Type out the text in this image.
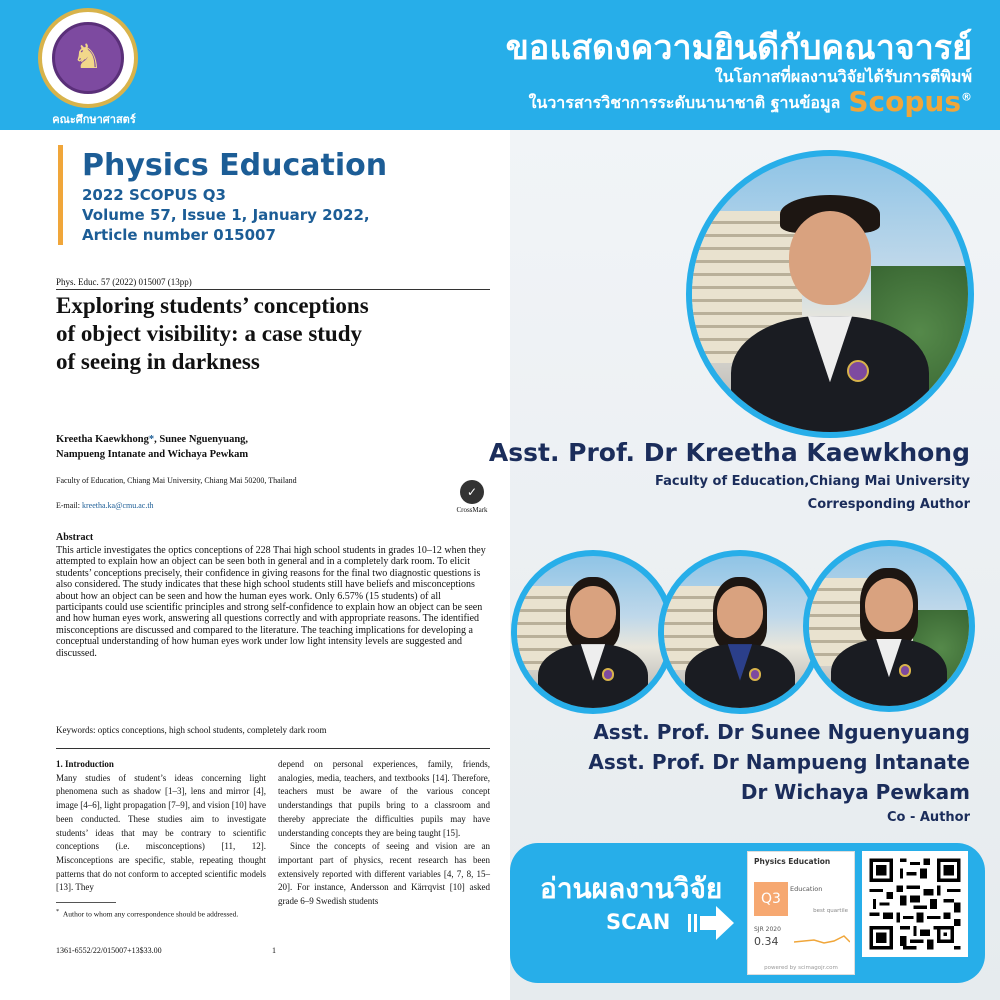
♞
คณะศึกษาศาสตร์
ขอแสดงความยินดีกับคณาจารย์
ในโอกาสที่ผลงานวิจัยได้รับการตีพิมพ์
ในวารสารวิชาการระดับนานาชาติ ฐานข้อมูล Scopus®
Physics Education
2022 SCOPUS Q3
Volume 57, Issue 1, January 2022,
Article number 015007
Phys. Educ. 57 (2022) 015007 (13pp)
Exploring students’ conceptions of object visibility: a case study of seeing in darkness
Kreetha Kaewkhong*, Sunee Nguenyuang,
Nampueng Intanate and Wichaya Pewkam
Faculty of Education, Chiang Mai University, Chiang Mai 50200, Thailand
E-mail: kreetha.ka@cmu.ac.th
✓
CrossMark
Abstract
This article investigates the optics conceptions of 228 Thai high school students in grades 10–12 when they attempted to explain how an object can be seen both in general and in a completely dark room. To elicit students’ conceptions precisely, their confidence in giving reasons for the final two diagnostic questions is also considered. The study indicates that these high school students still have beliefs and misconceptions about how an object can be seen and how the human eyes work. Only 6.57% (15 students) of all participants could use scientific principles and strong self-confidence to explain how an object can be seen and how human eyes work, answering all questions correctly and with appropriate reasons. The identified misconceptions are discussed and compared to the literature. The teaching implications for developing a conceptual understanding of how human eyes work under low light intensity levels are suggested and discussed.
Keywords: optics conceptions, high school students, completely dark room
1. Introduction
Many studies of student’s ideas concerning light phenomena such as shadow [1–3], lens and mirror [4], image [4–6], light propagation [7–9], and vision [10] have been conducted. These studies aim to investigate students’ ideas that may be contrary to scientific conceptions (i.e. misconceptions) [11, 12]. Misconceptions are specific, stable, repeating thought patterns that do not conform to accepted scientific models [13]. They
depend on personal experiences, family, friends, analogies, media, teachers, and textbooks [14]. Therefore, teachers must be aware of the various concept understandings that pupils bring to a classroom and thereby appreciate the difficulties pupils may have understanding concepts they are being taught [15].
Since the concepts of seeing and vision are an important part of physics, recent research has been extensively reported with different variables [4, 7, 8, 15–20]. For instance, Andersson and Kärrqvist [10] asked grade 6–9 Swedish students
* Author to whom any correspondence should be addressed.
1361-6552/22/015007+13$33.00	1
Asst. Prof. Dr Kreetha Kaewkhong
Faculty of Education,Chiang Mai University
Corresponding Author
Asst. Prof. Dr Sunee Nguenyuang
Asst. Prof. Dr Nampueng Intanate
Dr Wichaya Pewkam
Co - Author
อ่านผลงานวิจัย
SCAN
Physics Education
Q3
Education
best quartile
SJR 2020
0.34
powered by scimagojr.com
